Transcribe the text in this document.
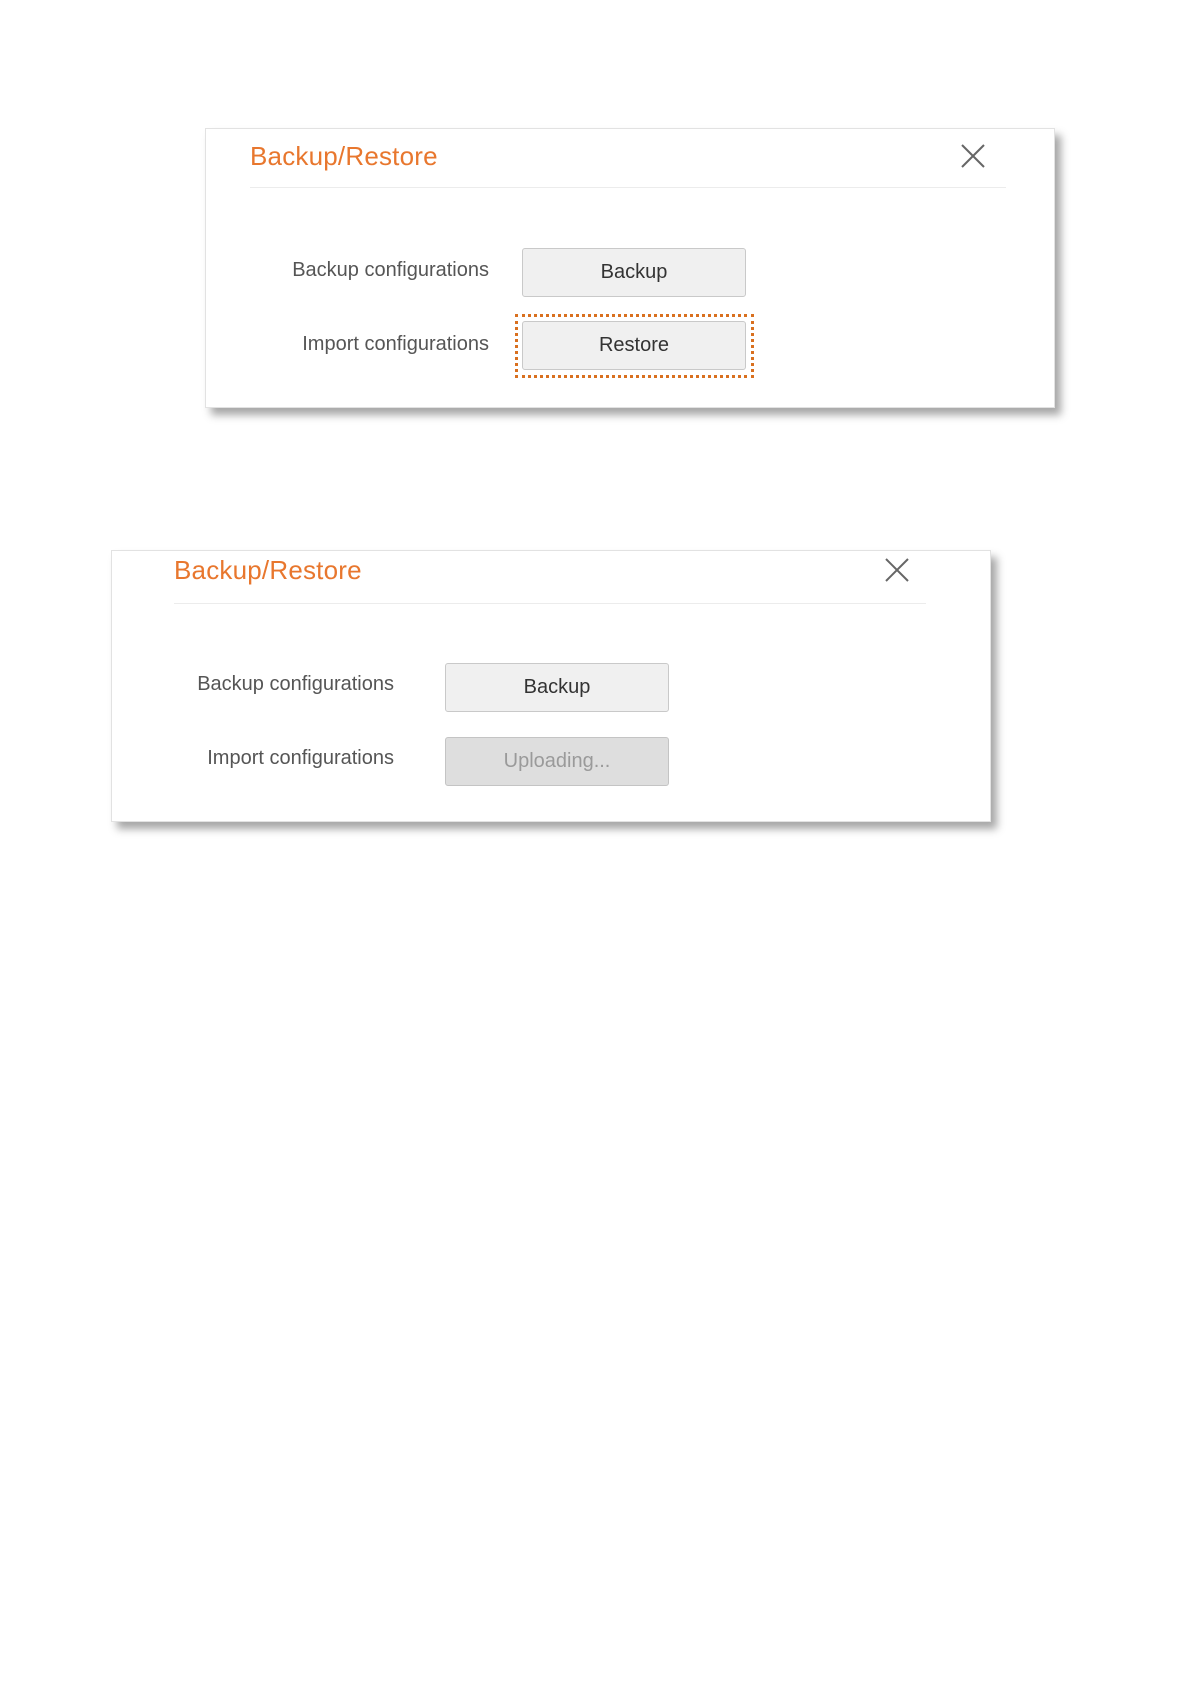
Backup/Restore
Backup configurations	Backup
Import configurations	Restore
Backup/Restore
Backup configurations	Backup
Import configurations	Uploading...
